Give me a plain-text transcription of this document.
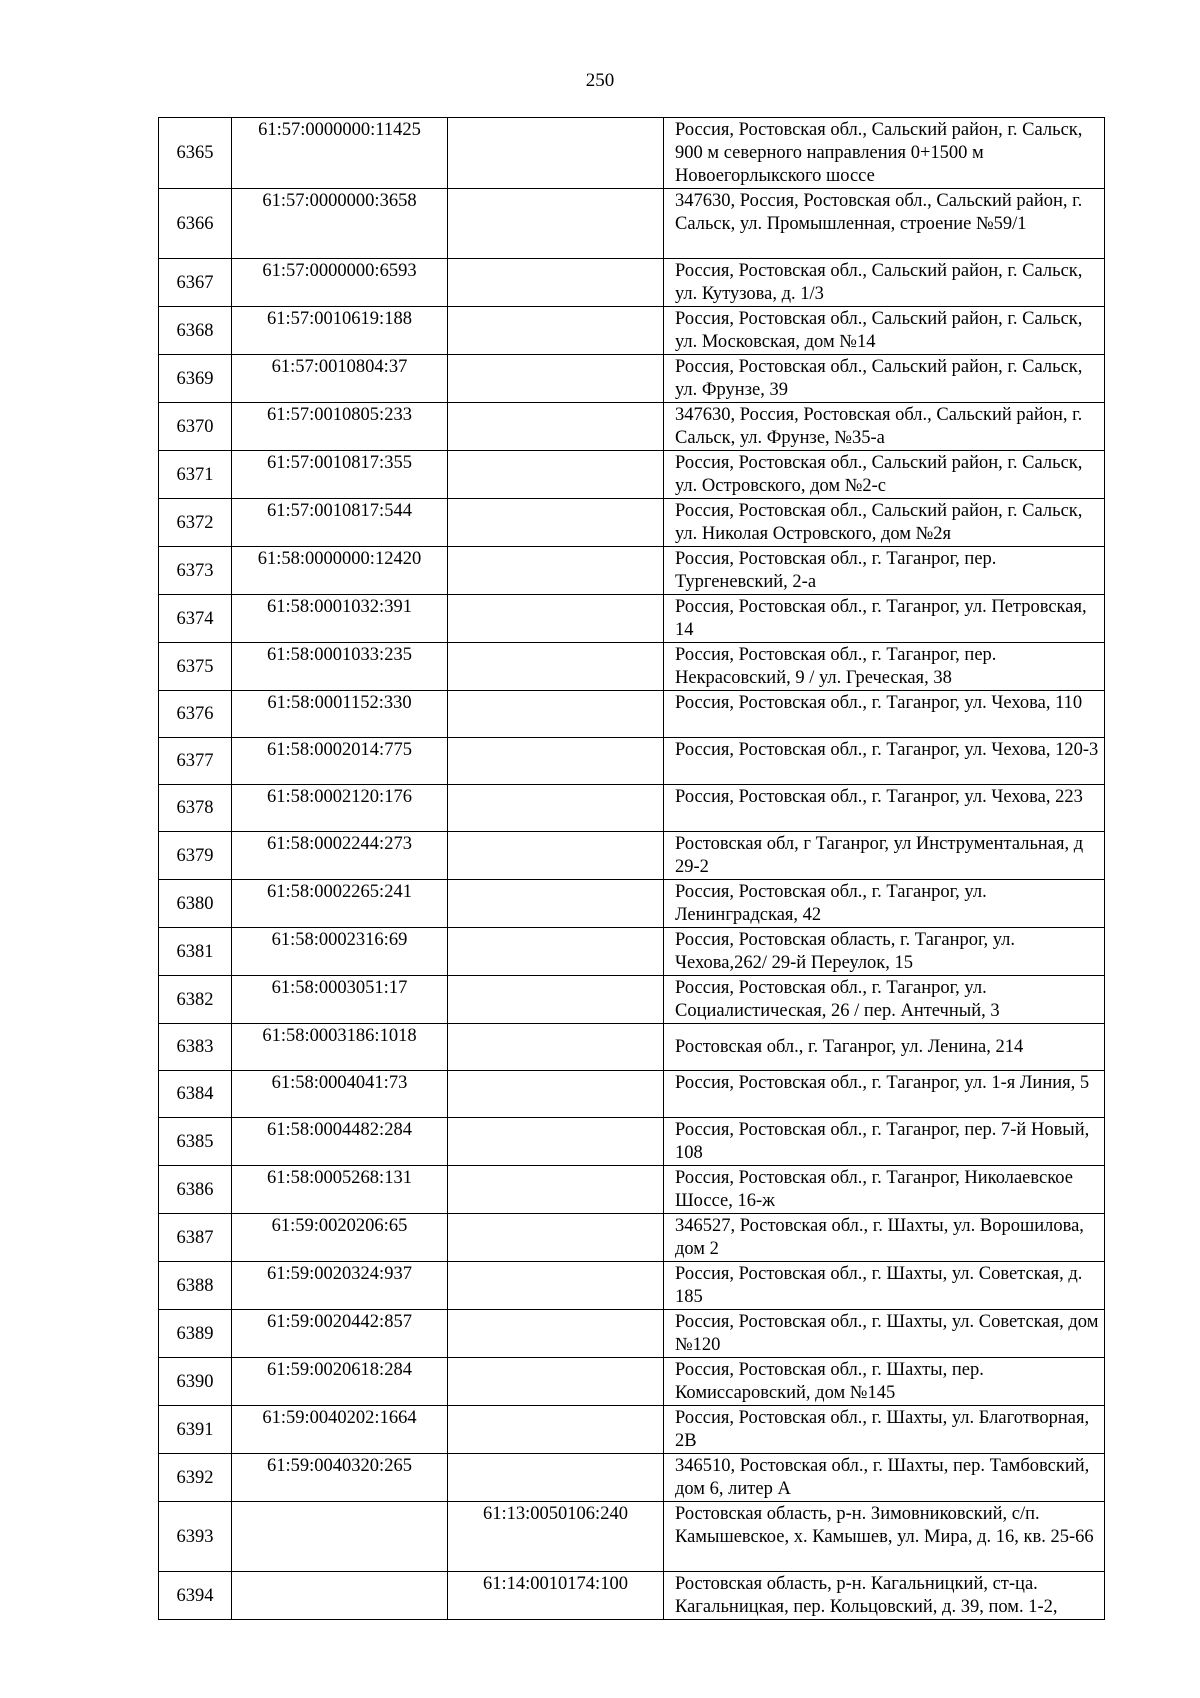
250
6365	61:57:0000000:11425		Россия, Ростовская обл., Сальский район, г. Сальск, 900 м северного направления 0+1500 м Новоегорлыкского шоссе
6366	61:57:0000000:3658		347630, Россия, Ростовская обл., Сальский район, г. Сальск, ул. Промышленная, строение №59/1
6367	61:57:0000000:6593		Россия, Ростовская обл., Сальский район, г. Сальск, ул. Кутузова, д. 1/3
6368	61:57:0010619:188		Россия, Ростовская обл., Сальский район, г. Сальск, ул. Московская, дом №14
6369	61:57:0010804:37		Россия, Ростовская обл., Сальский район, г. Сальск, ул. Фрунзе, 39
6370	61:57:0010805:233		347630, Россия, Ростовская обл., Сальский район, г. Сальск, ул. Фрунзе, №35-а
6371	61:57:0010817:355		Россия, Ростовская обл., Сальский район, г. Сальск, ул. Островского, дом №2-с
6372	61:57:0010817:544		Россия, Ростовская обл., Сальский район, г. Сальск, ул. Николая Островского, дом №2я
6373	61:58:0000000:12420		Россия, Ростовская обл., г. Таганрог, пер. Тургеневский, 2-а
6374	61:58:0001032:391		Россия, Ростовская обл., г. Таганрог, ул. Петровская, 14
6375	61:58:0001033:235		Россия, Ростовская обл., г. Таганрог, пер. Некрасовский, 9 / ул. Греческая, 38
6376	61:58:0001152:330		Россия, Ростовская обл., г. Таганрог, ул. Чехова, 110
6377	61:58:0002014:775		Россия, Ростовская обл., г. Таганрог, ул. Чехова, 120-3
6378	61:58:0002120:176		Россия, Ростовская обл., г. Таганрог, ул. Чехова, 223
6379	61:58:0002244:273		Ростовская обл, г Таганрог, ул Инструментальная, д 29-2
6380	61:58:0002265:241		Россия, Ростовская обл., г. Таганрог, ул. Ленинградская, 42
6381	61:58:0002316:69		Россия, Ростовская область, г. Таганрог, ул. Чехова,262/ 29-й Переулок, 15
6382	61:58:0003051:17		Россия, Ростовская обл., г. Таганрог, ул. Социалистическая, 26 / пер. Антечный, 3
6383	61:58:0003186:1018		Ростовская обл., г. Таганрог, ул. Ленина, 214
6384	61:58:0004041:73		Россия, Ростовская обл., г. Таганрог, ул. 1-я Линия, 5
6385	61:58:0004482:284		Россия, Ростовская обл., г. Таганрог, пер. 7-й Новый, 108
6386	61:58:0005268:131		Россия, Ростовская обл., г. Таганрог, Николаевское Шоссе, 16-ж
6387	61:59:0020206:65		346527, Ростовская обл., г. Шахты, ул. Ворошилова, дом 2
6388	61:59:0020324:937		Россия, Ростовская обл., г. Шахты, ул. Советская, д. 185
6389	61:59:0020442:857		Россия, Ростовская обл., г. Шахты, ул. Советская, дом №120
6390	61:59:0020618:284		Россия, Ростовская обл., г. Шахты, пер. Комиссаровский, дом №145
6391	61:59:0040202:1664		Россия, Ростовская обл., г. Шахты, ул. Благотворная, 2В
6392	61:59:0040320:265		346510, Ростовская обл., г. Шахты, пер. Тамбовский, дом 6, литер А
6393		61:13:0050106:240	Ростовская область, р-н. Зимовниковский, с/п. Камышевское, х. Камышев, ул. Мира, д. 16, кв. 25-66
6394		61:14:0010174:100	Ростовская область, р-н. Кагальницкий, ст-ца. Кагальницкая, пер. Кольцовский, д. 39, пом. 1-2,
